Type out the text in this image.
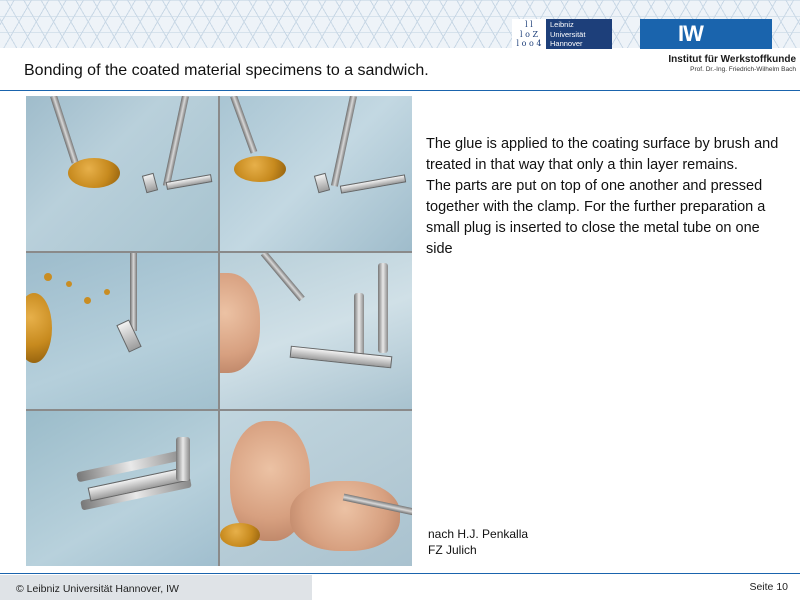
l l
l o Z
l o o 4
Leibniz
Universität
Hannover	IW
Institut für Werkstoffkunde
Prof. Dr.-Ing. Friedrich-Wilhelm Bach
Bonding of the coated material specimens to a sandwich.

The glue is applied to the coating surface by brush and treated in that way that only a thin layer remains.

The parts are put on top of one another and pressed together with the clamp. For the further preparation a small plug is inserted to close the metal tube on one side

nach H.J. Penkalla
FZ Julich
© Leibniz Universität Hannover, IW	Seite 10
